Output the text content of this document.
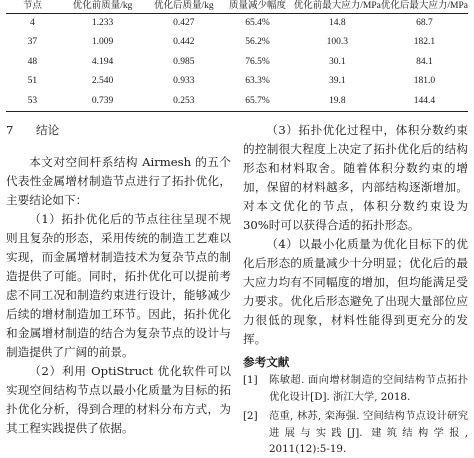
节点	优化前质量/kg	优化后质量/kg	质量减少幅度	优化前最大应力/MPa	优化后最大应力/MPa
4	1.233	0.427	65.4%	14.8	68.7
37	1.009	0.442	56.2%	100.3	182.1
48	4.194	0.985	76.5%	30.1	84.1
51	2.540	0.933	63.3%	39.1	181.0
53	0.739	0.253	65.7%	19.8	144.4
7 结论

本文对空间杆系结构 Airmesh 的五个代表性金属增材制造节点进行了拓扑优化，主要结论如下：

（1）拓扑优化后的节点往往呈现不规则且复杂的形态，采用传统的制造工艺难以实现，而金属增材制造技术为复杂节点的制造提供了可能。同时，拓扑优化可以提前考虑不同工况和制造约束进行设计，能够减少后续的增材制造加工环节。因此，拓扑优化和金属增材制造的结合为复杂节点的设计与制造提供了广阔的前景。

（2）利用 OptiStruct 优化软件可以实现空间结构节点以最小化质量为目标的拓扑优化分析，得到合理的材料分布方式，为其工程实践提供了依据。

（3）拓扑优化过程中，体积分数约束的控制很大程度上决定了拓扑优化后的结构形态和材料取舍。随着体积分数约束的增加，保留的材料越多，内部结构逐渐增加。对本文优化的节点，体积分数约束设为 30%时可以获得合适的拓扑形态。

（4）以最小化质量为优化目标下的优化后形态的质量减少十分明显；优化后的最大应力均有不同幅度的增加，但均能满足受力要求。优化后形态避免了出现大量部位应力很低的现象，材料性能得到更充分的发挥。

参考文献
[1]	陈敏超. 面向增材制造的空间结构节点拓扑优化设计[D]. 浙江大学, 2018.
[2]	范重, 林苏, 栾海强. 空间结构节点设计研究进展与实践[J]. 建筑结构学报, 2011(12):5-19.
